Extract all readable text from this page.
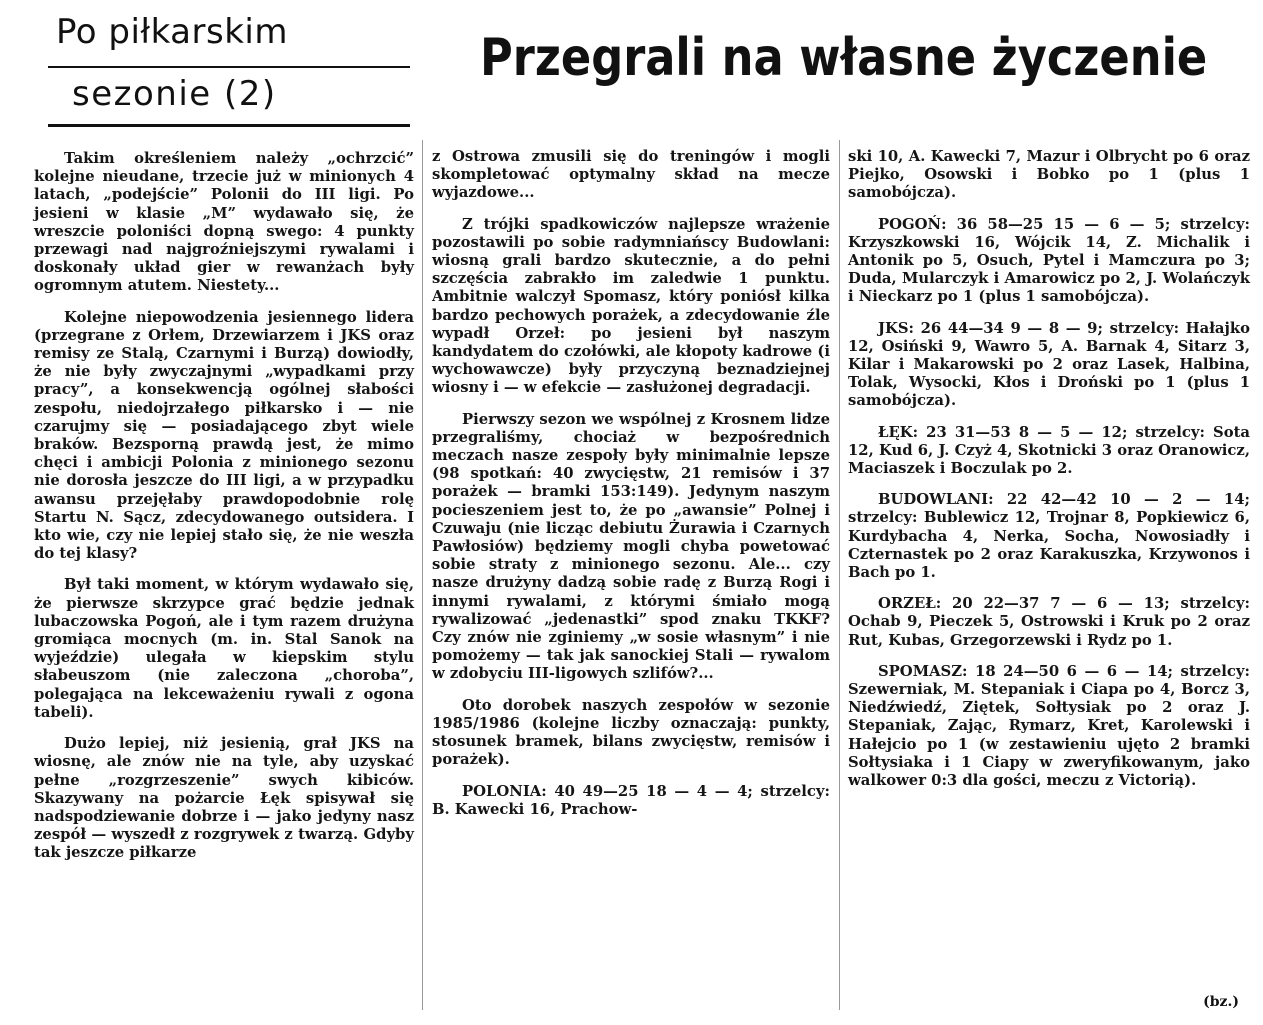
Po piłkarskim
sezonie (2)
Przegrali na własne życzenie

Takim określeniem należy „ochrzcić” kolejne nieudane, trzecie już w minionych 4 latach, „podejście” Polonii do III ligi. Po jesieni w klasie „M” wydawało się, że wreszcie poloniści dopną swego: 4 punkty przewagi nad najgroźniejszymi rywalami i doskonały układ gier w rewanżach były ogromnym atutem. Niestety...

Kolejne niepowodzenia jesiennego lidera (przegrane z Orłem, Drzewiarzem i JKS oraz remisy ze Stalą, Czarnymi i Burzą) dowiodły, że nie były zwyczajnymi „wypadkami przy pracy”, a konsekwencją ogólnej słabości zespołu, niedojrzałego piłkarsko i — nie czarujmy się — posiadającego zbyt wiele braków. Bezsporną prawdą jest, że mimo chęci i ambicji Polonia z minionego sezonu nie dorosła jeszcze do III ligi, a w przypadku awansu przejęłaby prawdopodobnie rolę Startu N. Sącz, zdecydowanego outsidera. I kto wie, czy nie lepiej stało się, że nie weszła do tej klasy?

Był taki moment, w którym wydawało się, że pierwsze skrzypce grać będzie jednak lubaczowska Pogoń, ale i tym razem drużyna gromiąca mocnych (m. in. Stal Sanok na wyjeździe) ulegała w kiepskim stylu słabeuszom (nie zaleczona „choroba”, polegająca na lekceważeniu rywali z ogona tabeli).

Dużo lepiej, niż jesienią, grał JKS na wiosnę, ale znów nie na tyle, aby uzyskać pełne „rozgrzeszenie” swych kibiców. Skazywany na pożarcie Łęk spisywał się nadspodziewanie dobrze i — jako jedyny nasz zespół — wyszedł z rozgrywek z twarzą. Gdyby tak jeszcze piłkarze

z Ostrowa zmusili się do treningów i mogli skompletować optymalny skład na mecze wyjazdowe...

Z trójki spadkowiczów najlepsze wrażenie pozostawili po sobie radymniańscy Budowlani: wiosną grali bardzo skutecznie, a do pełni szczęścia zabrakło im zaledwie 1 punktu. Ambitnie walczył Spomasz, który poniósł kilka bardzo pechowych porażek, a zdecydowanie źle wypadł Orzeł: po jesieni był naszym kandydatem do czołówki, ale kłopoty kadrowe (i wychowawcze) były przyczyną beznadziejnej wiosny i — w efekcie — zasłużonej degradacji.

Pierwszy sezon we wspólnej z Krosnem lidze przegraliśmy, chociaż w bezpośrednich meczach nasze zespoły były minimalnie lepsze (98 spotkań: 40 zwycięstw, 21 remisów i 37 porażek — bramki 153:149). Jedynym naszym pocieszeniem jest to, że po „awansie” Polnej i Czuwaju (nie licząc debiutu Żurawia i Czarnych Pawłosiów) będziemy mogli chyba powetować sobie straty z minionego sezonu. Ale... czy nasze drużyny dadzą sobie radę z Burzą Rogi i innymi rywalami, z którymi śmiało mogą rywalizować „jedenastki” spod znaku TKKF? Czy znów nie zginiemy „w sosie własnym” i nie pomożemy — tak jak sanockiej Stali — rywalom w zdobyciu III-ligowych szlifów?...

Oto dorobek naszych zespołów w sezonie 1985/1986 (kolejne liczby oznaczają: punkty, stosunek bramek, bilans zwycięstw, remisów i porażek).

POLONIA: 40 49—25 18 — 4 — 4; strzelcy: B. Kawecki 16, Prachow-

ski 10, A. Kawecki 7, Mazur i Olbrycht po 6 oraz Piejko, Osowski i Bobko po 1 (plus 1 samobójcza).

POGOŃ: 36 58—25 15 — 6 — 5; strzelcy: Krzyszkowski 16, Wójcik 14, Z. Michalik i Antonik po 5, Osuch, Pytel i Mamczura po 3; Duda, Mularczyk i Amarowicz po 2, J. Wolańczyk i Nieckarz po 1 (plus 1 samobójcza).

JKS: 26 44—34 9 — 8 — 9; strzelcy: Hałajko 12, Osiński 9, Wawro 5, A. Barnak 4, Sitarz 3, Kilar i Makarowski po 2 oraz Lasek, Halbina, Tolak, Wysocki, Kłos i Droński po 1 (plus 1 samobójcza).

ŁĘK: 23 31—53 8 — 5 — 12; strzelcy: Sota 12, Kud 6, J. Czyż 4, Skotnicki 3 oraz Oranowicz, Maciaszek i Boczulak po 2.

BUDOWLANI: 22 42—42 10 — 2 — 14; strzelcy: Bublewicz 12, Trojnar 8, Popkiewicz 6, Kurdybacha 4, Nerka, Socha, Nowosiadły i Czternastek po 2 oraz Karakuszka, Krzywonos i Bach po 1.

ORZEŁ: 20 22—37 7 — 6 — 13; strzelcy: Ochab 9, Pieczek 5, Ostrowski i Kruk po 2 oraz Rut, Kubas, Grzegorzewski i Rydz po 1.

SPOMASZ: 18 24—50 6 — 6 — 14; strzelcy: Szewerniak, M. Stepaniak i Ciapa po 4, Borcz 3, Niedźwiedź, Ziętek, Sołtysiak po 2 oraz J. Stepaniak, Zając, Rymarz, Kret, Karolewski i Hałejcio po 1 (w zestawieniu ujęto 2 bramki Sołtysiaka i 1 Ciapy w zweryfikowanym, jako walkower 0:3 dla gości, meczu z Victorią).

(bz.)
